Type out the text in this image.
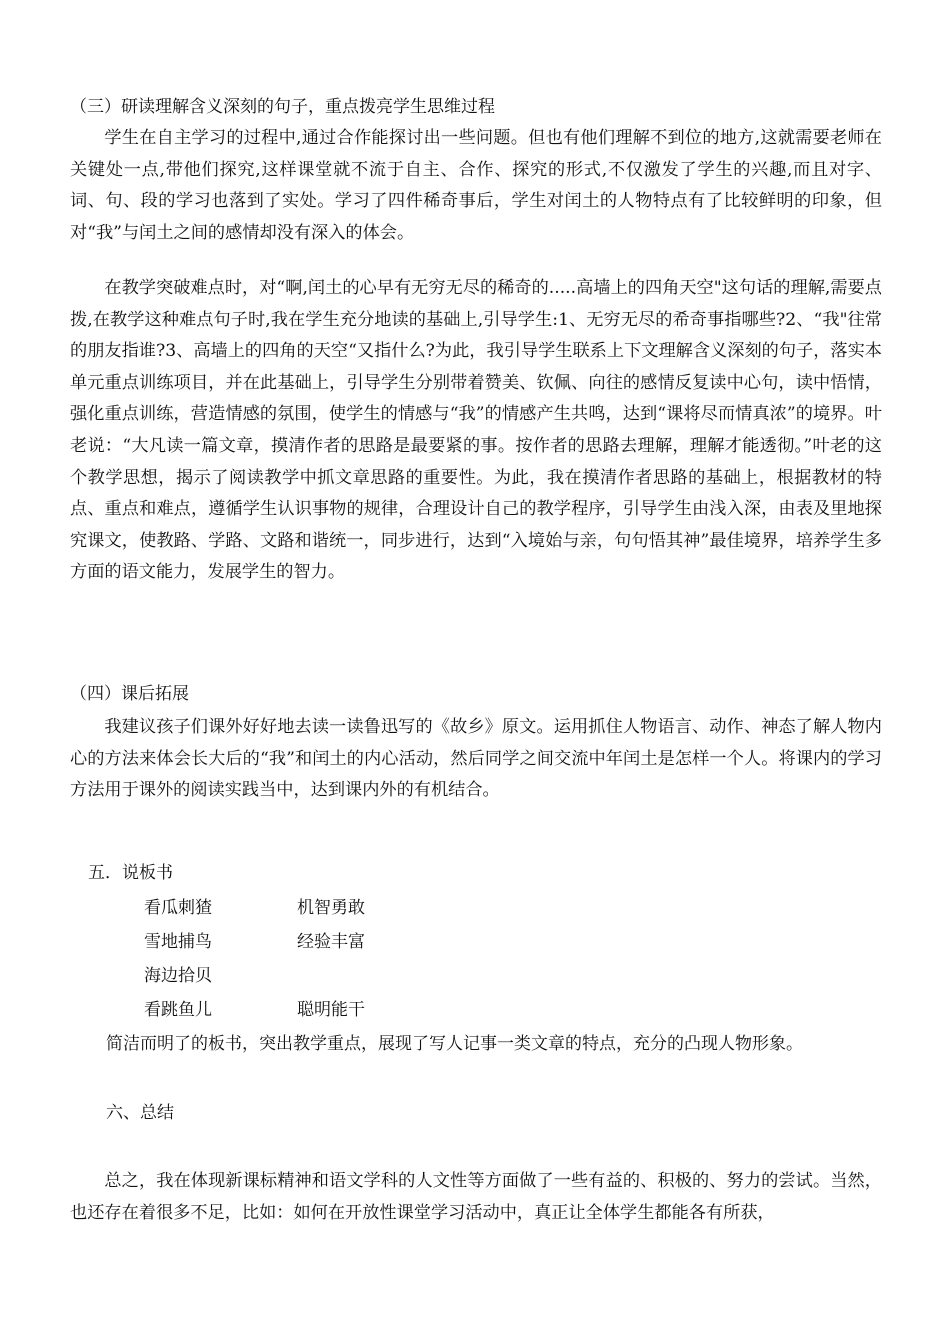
（三）研读理解含义深刻的句子，重点拨亮学生思维过程

学生在自主学习的过程中,通过合作能探讨出一些问题。但也有他们理解不到位的地方,这就需要老师在关键处一点,带他们探究,这样课堂就不流于自主、合作、探究的形式,不仅激发了学生的兴趣,而且对字、词、句、段的学习也落到了实处。学习了四件稀奇事后，学生对闰土的人物特点有了比较鲜明的印象，但对“我”与闰土之间的感情却没有深入的体会。

在教学突破难点时，对“啊,闰土的心早有无穷无尽的稀奇的.....高墙上的四角天空"这句话的理解,需要点拨,在教学这种难点句子时,我在学生充分地读的基础上,引导学生:1、无穷无尽的希奇事指哪些?2、“我"往常的朋友指谁?3、高墙上的四角的天空“又指什么?为此，我引导学生联系上下文理解含义深刻的句子，落实本单元重点训练项目，并在此基础上，引导学生分别带着赞美、钦佩、向往的感情反复读中心句，读中悟情，强化重点训练，营造情感的氛围，使学生的情感与“我”的情感产生共鸣，达到“课将尽而情真浓”的境界。叶老说：“大凡读一篇文章，摸清作者的思路是最要紧的事。按作者的思路去理解，理解才能透彻。”叶老的这个教学思想，揭示了阅读教学中抓文章思路的重要性。为此，我在摸清作者思路的基础上，根据教材的特点、重点和难点，遵循学生认识事物的规律，合理设计自己的教学程序，引导学生由浅入深，由表及里地探究课文，使教路、学路、文路和谐统一，同步进行，达到“入境始与亲，句句悟其神”最佳境界，培养学生多方面的语文能力，发展学生的智力。

（四）课后拓展

我建议孩子们课外好好地去读一读鲁迅写的《故乡》原文。运用抓住人物语言、动作、神态了解人物内心的方法来体会长大后的“我”和闰土的内心活动，然后同学之间交流中年闰土是怎样一个人。将课内的学习方法用于课外的阅读实践当中，达到课内外的有机结合。

五．说板书
看瓜刺猹	机智勇敢
雪地捕鸟	经验丰富
海边拾贝
看跳鱼儿	聪明能干
简洁而明了的板书，突出教学重点，展现了写人记事一类文章的特点，充分的凸现人物形象。
六、总结

总之，我在体现新课标精神和语文学科的人文性等方面做了一些有益的、积极的、努力的尝试。当然，也还存在着很多不足，比如：如何在开放性课堂学习活动中，真正让全体学生都能各有所获，
